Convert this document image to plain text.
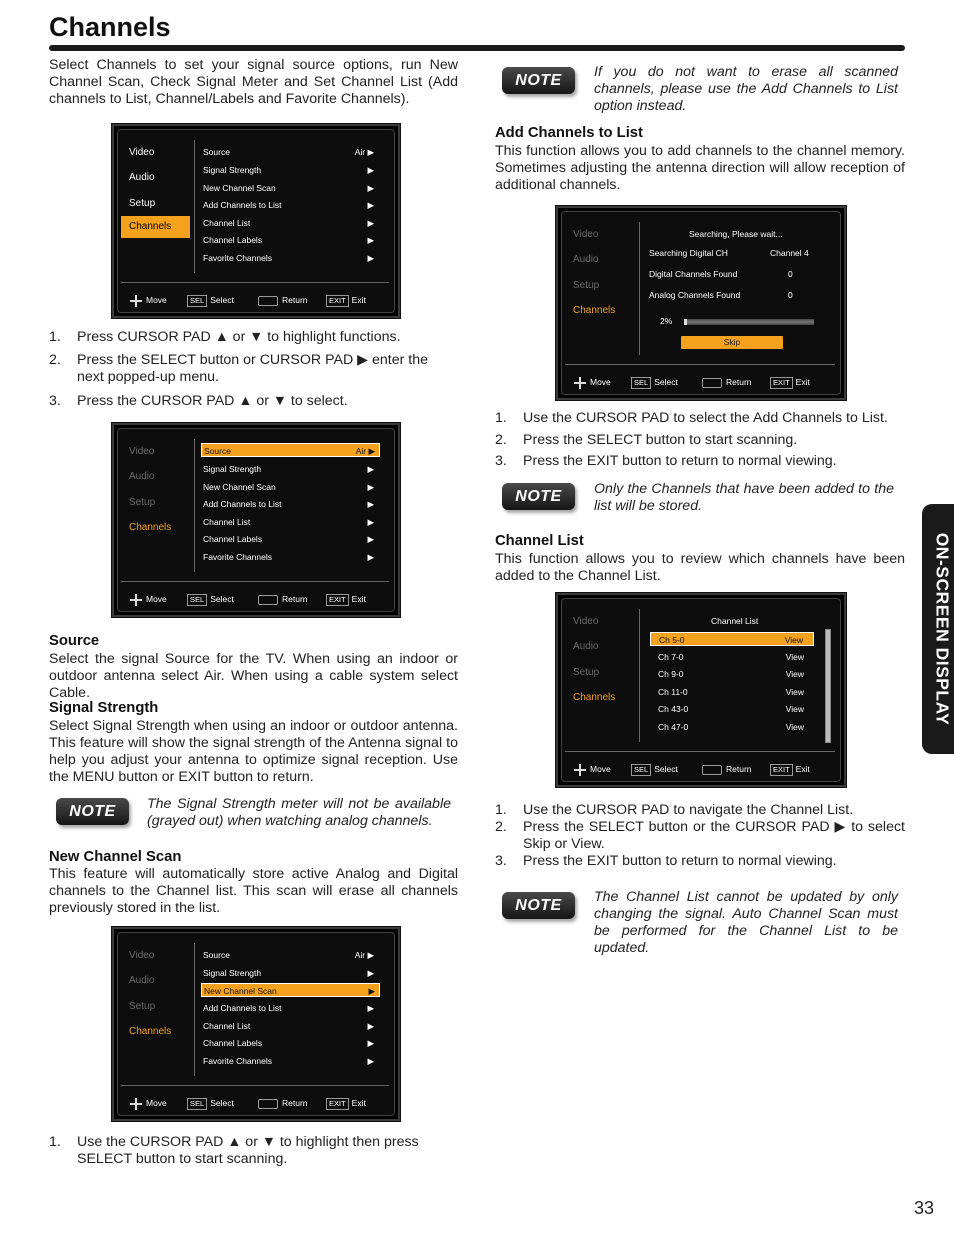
Channels

Select Channels to set your signal source options, run New Channel Scan, Check Signal Meter and Set Channel List (Add channels to List, Channel/Labels and Favorite Channels).

Video
Audio
Setup
Channels
Source	Air ▶
Signal Strength	▶
New Channel Scan	▶
Add Channels to List	▶
Channel List	▶
Channel Labels	▶
Favorite Channels	▶
Move	SEL Select	Return	EXIT Exit
1. Press CURSOR PAD ▲ or ▼ to highlight functions.
2. Press the SELECT button or CURSOR PAD ▶ enter the next popped-up menu.
3. Press the CURSOR PAD ▲ or ▼ to select.
Video
Audio
Setup
Channels
Source	Air ▶
Signal Strength	▶
New Channel Scan	▶
Add Channels to List	▶
Channel List	▶
Channel Labels	▶
Favorite Channels	▶
Move	SEL Select	Return	EXIT Exit
Source

Select the signal Source for the TV. When using an indoor or outdoor antenna select Air. When using a cable system select Cable.

Signal Strength

Select Signal Strength when using an indoor or outdoor antenna. This feature will show the signal strength of the Antenna signal to help you adjust your antenna to optimize signal reception. Use the MENU button or EXIT button to return.

NOTE	The Signal Strength meter will not be available (grayed out) when watching analog channels.
New Channel Scan

This feature will automatically store active Analog and Digital channels to the Channel list. This scan will erase all channels previously stored in the list.

Video
Audio
Setup
Channels
Source	Air ▶
Signal Strength	▶
New Channel Scan	▶
Add Channels to List	▶
Channel List	▶
Channel Labels	▶
Favorite Channels	▶
Move	SEL Select	Return	EXIT Exit
1. Use the CURSOR PAD ▲ or ▼ to highlight then press SELECT button to start scanning.
NOTE	If you do not want to erase all scanned channels, please use the Add Channels to List option instead.
Add Channels to List

This function allows you to add channels to the channel memory. Sometimes adjusting the antenna direction will allow reception of additional channels.

Video
Audio
Setup
Channels
Searching, Please wait...
Searching Digital CH	Channel 4
Digital Channels Found	0
Analog Channels Found	0
2%
Skip
Move	SEL Select	Return	EXIT Exit
1. Use the CURSOR PAD to select the Add Channels to List.
2. Press the SELECT button to start scanning.
3. Press the EXIT button to return to normal viewing.
NOTE	Only the Channels that have been added to the list will be stored.
Channel List

This function allows you to review which channels have been added to the Channel List.

Video
Audio
Setup
Channels
Channel List
Ch 5-0	View
Ch 7-0	View
Ch 9-0	View
Ch 11-0	View
Ch 43-0	View
Ch 47-0	View
Move	SEL Select	Return	EXIT Exit
1. Use the CURSOR PAD to navigate the Channel List.
2. Press the SELECT button or the CURSOR PAD ▶ to select Skip or View.
3. Press the EXIT button to return to normal viewing.
NOTE	The Channel List cannot be updated by only changing the signal. Auto Channel Scan must be performed for the Channel List to be updated.
ON-SCREEN DISPLAY
33
